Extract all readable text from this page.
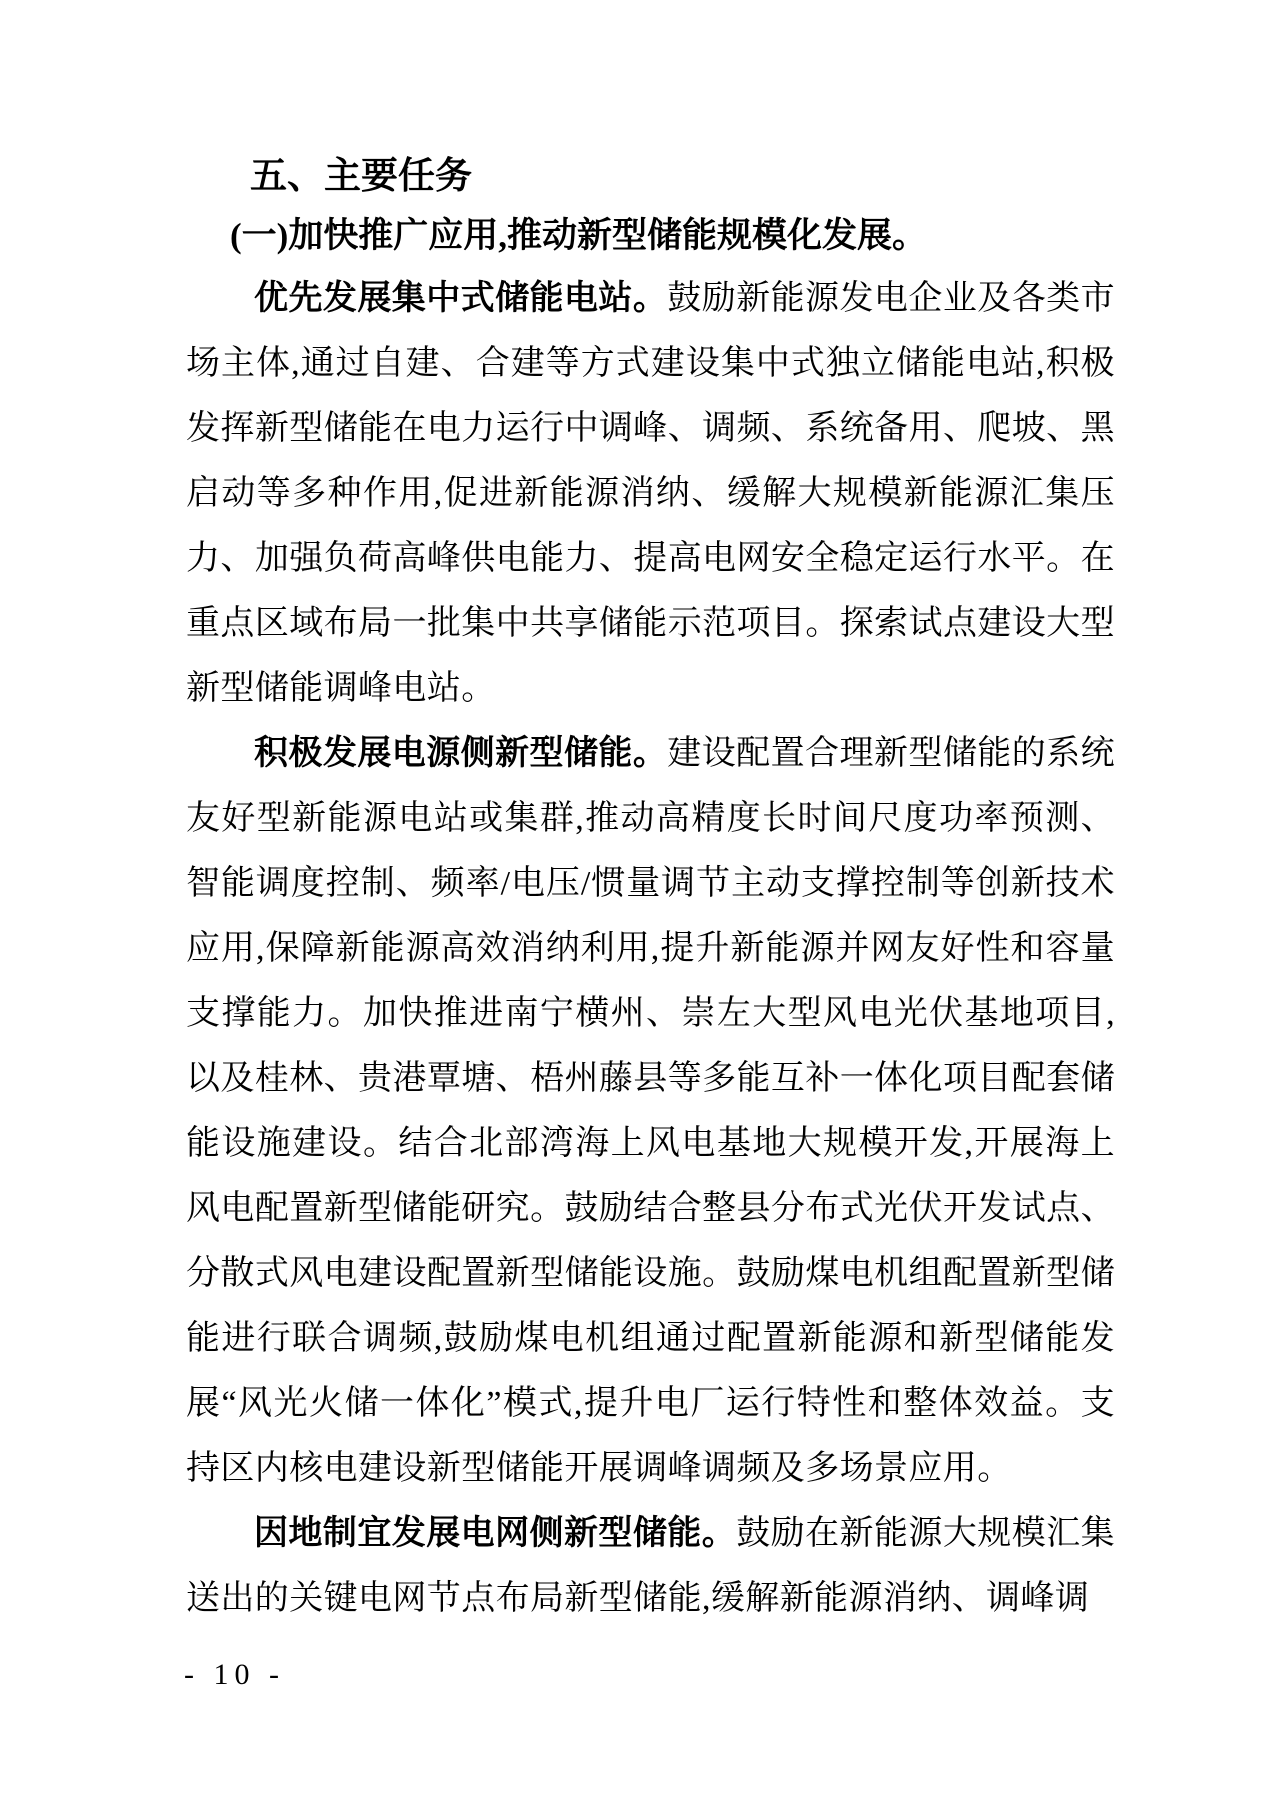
五、主要任务
(一)加快推广应用,推动新型储能规模化发展。

优先发展集中式储能电站。鼓励新能源发电企业及各类市场主体,通过自建、合建等方式建设集中式独立储能电站,积极发挥新型储能在电力运行中调峰、调频、系统备用、爬坡、黑启动等多种作用,促进新能源消纳、缓解大规模新能源汇集压力、加强负荷高峰供电能力、提高电网安全稳定运行水平。在重点区域布局一批集中共享储能示范项目。探索试点建设大型新型储能调峰电站。

积极发展电源侧新型储能。建设配置合理新型储能的系统友好型新能源电站或集群,推动高精度长时间尺度功率预测、智能调度控制、频率/电压/惯量调节主动支撑控制等创新技术应用,保障新能源高效消纳利用,提升新能源并网友好性和容量支撑能力。加快推进南宁横州、崇左大型风电光伏基地项目,以及桂林、贵港覃塘、梧州藤县等多能互补一体化项目配套储能设施建设。结合北部湾海上风电基地大规模开发,开展海上风电配置新型储能研究。鼓励结合整县分布式光伏开发试点、分散式风电建设配置新型储能设施。鼓励煤电机组配置新型储能进行联合调频,鼓励煤电机组通过配置新能源和新型储能发展“风光火储一体化”模式,提升电厂运行特性和整体效益。支持区内核电建设新型储能开展调峰调频及多场景应用。

因地制宜发展电网侧新型储能。鼓励在新能源大规模汇集送出的关键电网节点布局新型储能,缓解新能源消纳、调峰调

- 10 -
